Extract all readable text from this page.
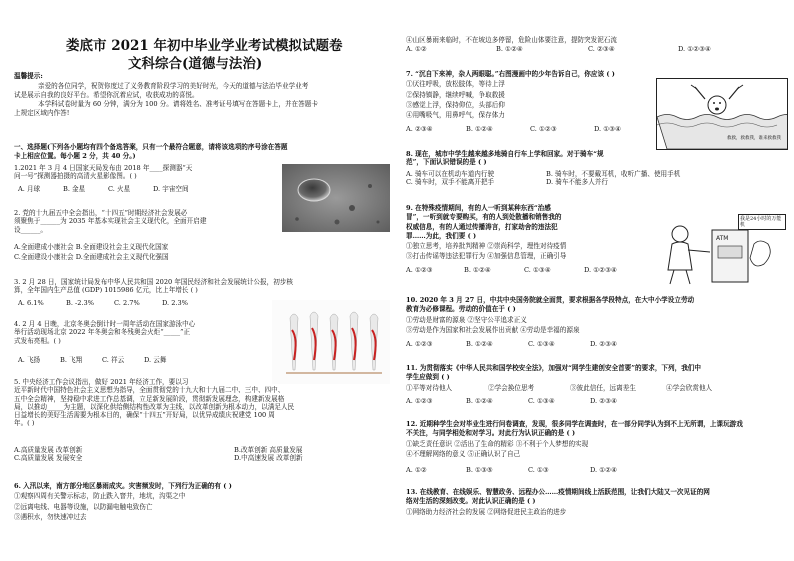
娄底市 2021 年初中毕业学业考试模拟试题卷
文科综合(道德与法治)
温馨提示:
亲爱的各位同学，祝贺你度过了义务教育阶段学习的美好时光，今天的道德与法治毕业学业考
试是展示自我的良好平台。希望你沉着应试，收获成功的喜悦。
本学科试卷时量为 60 分钟，满分为 100 分。请将姓名、准考证号填写在答题卡上，并在答题卡
上规定区域内作答!
一、选择题(下列各小题均有四个备选答案，只有一个最符合题意，请将该选项的序号涂在答题
卡上相应位置。每小题 2 分，共 40 分。)
1.2021 年 3 月 4 日国家天局发布由 2018 年____探测器“天
问一号”探测器拍摄的高清火星影像图。( )
A. 月球	B. 金星	C. 火星	D. 宇宙空间
2. 党的十九届五中全会指出，“十四五”时期经济社会发展必
须聚焦于______为 2035 年基本实现社会主义现代化，全面开启建
设______。
A.全面建成小康社会 B.全面建设社会主义现代化国家
C.全面建设小康社会 D.全面建成社会主义现代化强国
3. 2 月 28 日，国家统计局发布中华人民共和国 2020 年国民经济和社会发展统计公报，初步核
算，全年国内生产总值 (GDP) 1015986 亿元，比上年增长 ( )
A. 6.1%	B. -2.3%	C. 2.7%	D. 2.3%
4. 2 月 4 日晚，北京冬奥会倒计时一周年活动在国家游泳中心
举行活动现场北京 2022 年冬奥会和冬残奥会火炬“_____”正
式发布亮相。( )
A. 飞扬	B. 飞翔	C. 祥云	D. 云舞
5. 中央经济工作会议指出，做好 2021 年经济工作，要以习
近平新时代中国特色社会主义思想为指导，全面贯彻党的十九大和十九届二中、三中、四中、
五中全会精神，坚持稳中求进工作总基调，立足新发展阶段，贯彻新发展理念，构建新发展格
局，以推动_____为主题，以深化供给侧结构性改革为主线，以改革创新为根本动力，以满足人民
日益增长的美好生活需要为根本目的，确保“十四五”开好局，以优异成绩庆祝建党 100 周
年。( )
A.高质量发展 改革创新	B.改革创新 高质量发展
C.高质量发展 发展安全	D.中高速发展 改革创新
6. 入汛以来，南方部分地区暴雨成灾。灾害频发时，下列行为正确的有 ( )
①观察四周有关警示标志，防止跌入窨井，地坑，沟渠之中
②远离电线、电器等设施，以防漏电触电致伤亡
③遇积水，勿快速冲过去
④山区暴雨来临时，不在坡边多停留，危险山体要注意，提防突发泥石流
A. ①②	B. ①②④	C. ②③④	D. ①②③④
7. “沉自下来神，杂人两眼聪。”右图漫画中的少年告诉自己，你应该 ( )
①厌往呼吸，放松肢体，等待上浮
②保持镇静，继续呼喊，争取救援
③感觉上浮，保持仰位，头部后仰
④用嘴吸气，用鼻呼气，保存体力
A. ②③④	B. ①②④	C. ①②③	D. ①③④
救救，救救我，谁来救救我
8. 现在，城市中学生越来越多地骑自行车上学和回家。对于骑车“规
范”，下面认识错误的是 ( )
A. 骑车可以在机动车道内行驶	B. 骑车时，不要戴耳机，收听广播、使用手机
C. 骑车时，双手不能离开把手	D. 骑车不能多人并行
9. 在特殊疫情期间，有的人一听到某种东西“治感
冒”，一听到就专要购买，有的人到处散播和销售我的
权威信息，有的人通过传播涛言，打家劫舍的违法犯
罪……为此，我们要 ( )
①独立思考，培养批判精神 ②崇尚科学，理性对待疫情
③打击传谣等违法犯罪行为 ④加强信息管理，正确引导
A. ①②③	B. ①②④	C. ①③④	D. ①②③④
ATM
我是24小时的万能机
10. 2020 年 3 月 27 日，中共中央国务院就全面贯，要求根据各学段特点，在大中小学设立劳动
教育为必修课程。劳动的价值在于 ( )
①劳动是财富的源泉 ②坚守公平追求正义
③劳动是作为国家和社会发展作出贡献 ④劳动是幸福的源泉
A. ①②③	B. ①②④	C. ①③④	D. ②③④
11. 为贯彻落实《中华人民共和国学校安全法》，加强对“网学生建创安全首要”的要求，下列，我们中
学生应做到 ( )
①平等对待他人	②学会换位思考	③彼此信任，远离差生	④学会欣赏他人
A. ①②③	B. ①②④	C. ①③④	D. ②③④
12. 近期种学生会对毕业生进行问卷调查，发现，很多同学在调查时，在一部分同学认为到不上无所谓，上课玩游戏
不关注，与同学相处和对学习。对此行为认识正确的是 ( )
①缺乏责任意识 ②活出了生命的精彩 ③不利于个人梦想的实现
④不理解网络的意义 ⑤正确认识了自己
A. ①②	B. ①③⑤	C. ①③	D. ①②④
13. 在线教育、在线娱乐、智慧政务、远程办公……疫情期间线上活跃范围，让我们大陆又一次见证的网
络对生活的深刻改变。对此认识正确的是 ( )
①网络助力经济社会的发展 ②网络促进民主政治的进步
